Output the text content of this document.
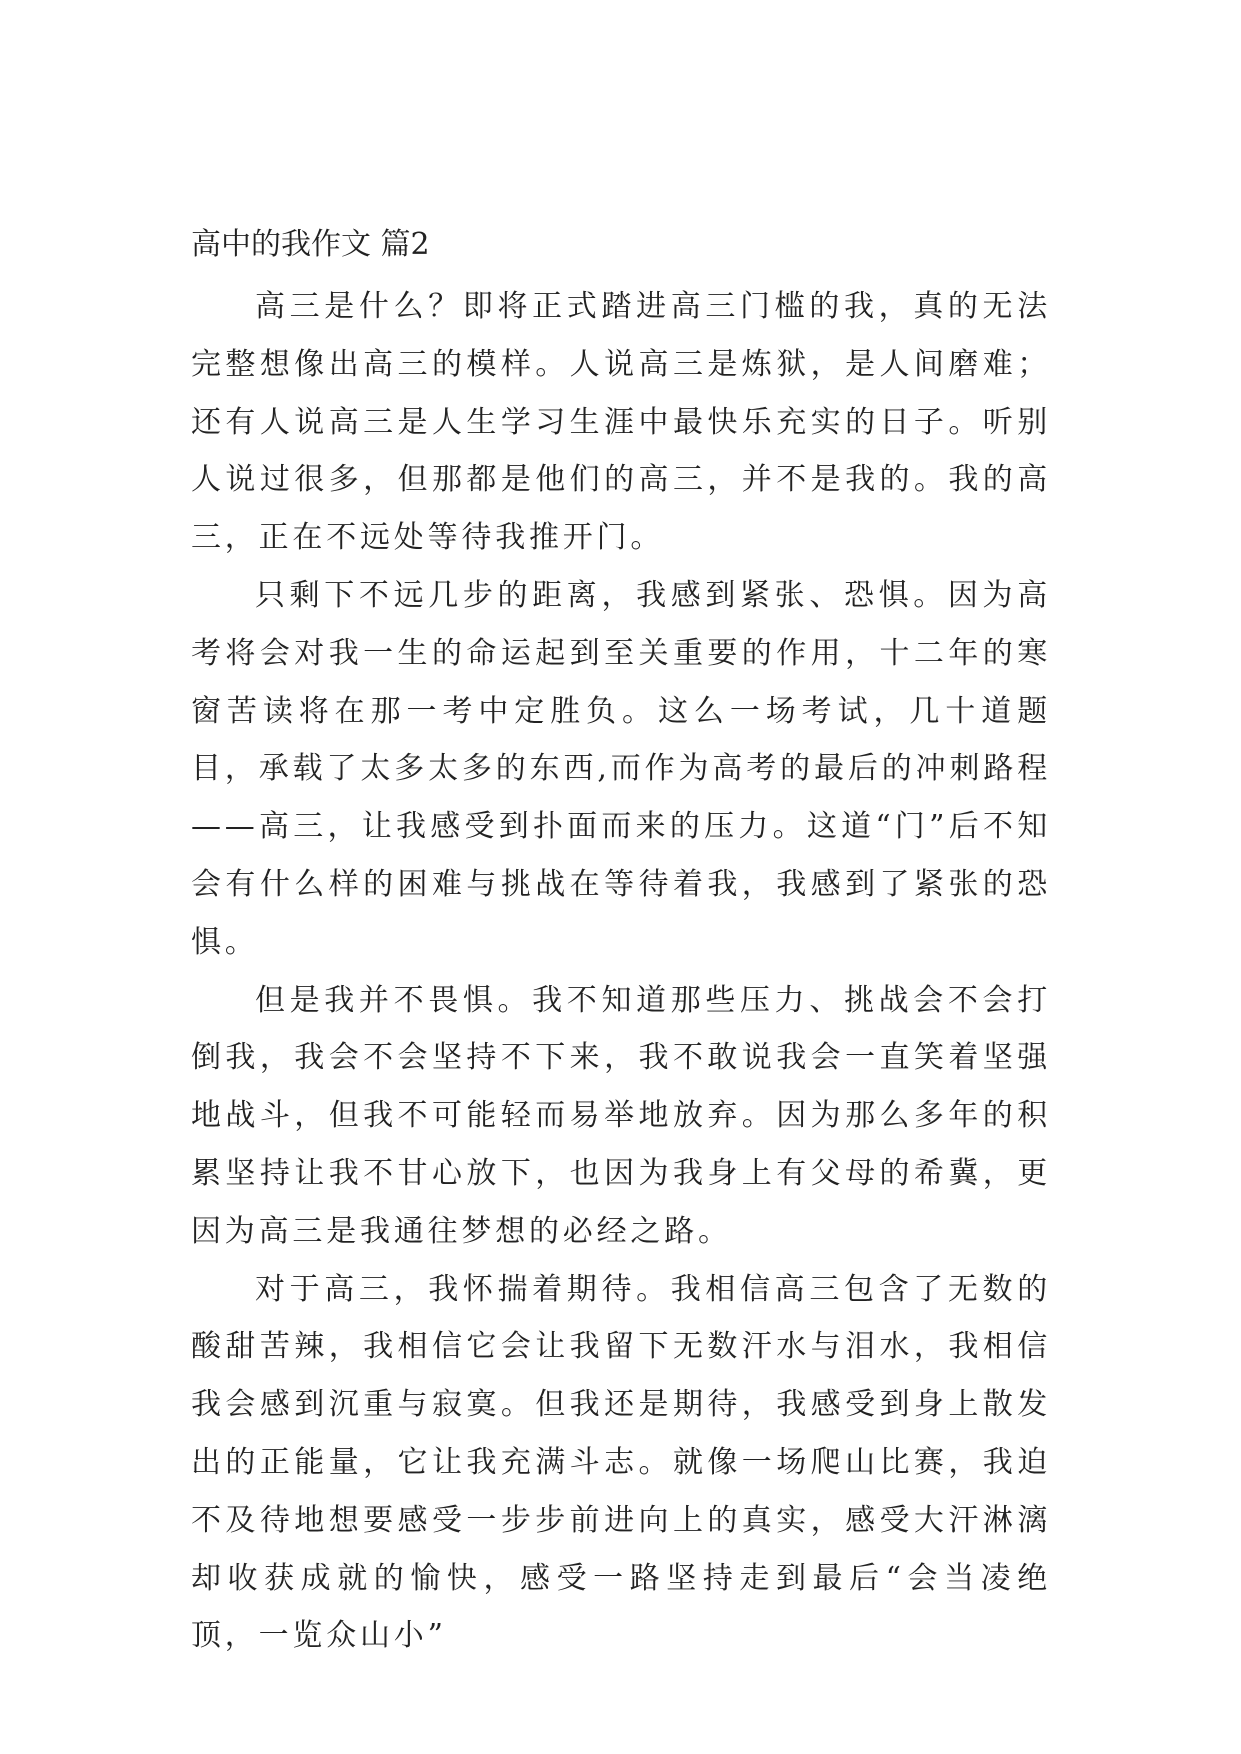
高中的我作文 篇2

高三是什么？即将正式踏进高三门槛的我，真的无法完整想像出高三的模样。人说高三是炼狱，是人间磨难；还有人说高三是人生学习生涯中最快乐充实的日子。听别人说过很多，但那都是他们的高三，并不是我的。我的高三，正在不远处等待我推开门。

只剩下不远几步的距离，我感到紧张、恐惧。因为高考将会对我一生的命运起到至关重要的作用，十二年的寒窗苦读将在那一考中定胜负。这么一场考试，几十道题目，承载了太多太多的东西,而作为高考的最后的冲刺路程——高三，让我感受到扑面而来的压力。这道“门”后不知会有什么样的困难与挑战在等待着我，我感到了紧张的恐惧。

但是我并不畏惧。我不知道那些压力、挑战会不会打倒我，我会不会坚持不下来，我不敢说我会一直笑着坚强地战斗，但我不可能轻而易举地放弃。因为那么多年的积累坚持让我不甘心放下，也因为我身上有父母的希冀，更因为高三是我通往梦想的必经之路。

对于高三，我怀揣着期待。我相信高三包含了无数的酸甜苦辣，我相信它会让我留下无数汗水与泪水，我相信我会感到沉重与寂寞。但我还是期待，我感受到身上散发出的正能量，它让我充满斗志。就像一场爬山比赛，我迫不及待地想要感受一步步前进向上的真实，感受大汗淋漓却收获成就的愉快，感受一路坚持走到最后“会当凌绝顶，一览众山小”
